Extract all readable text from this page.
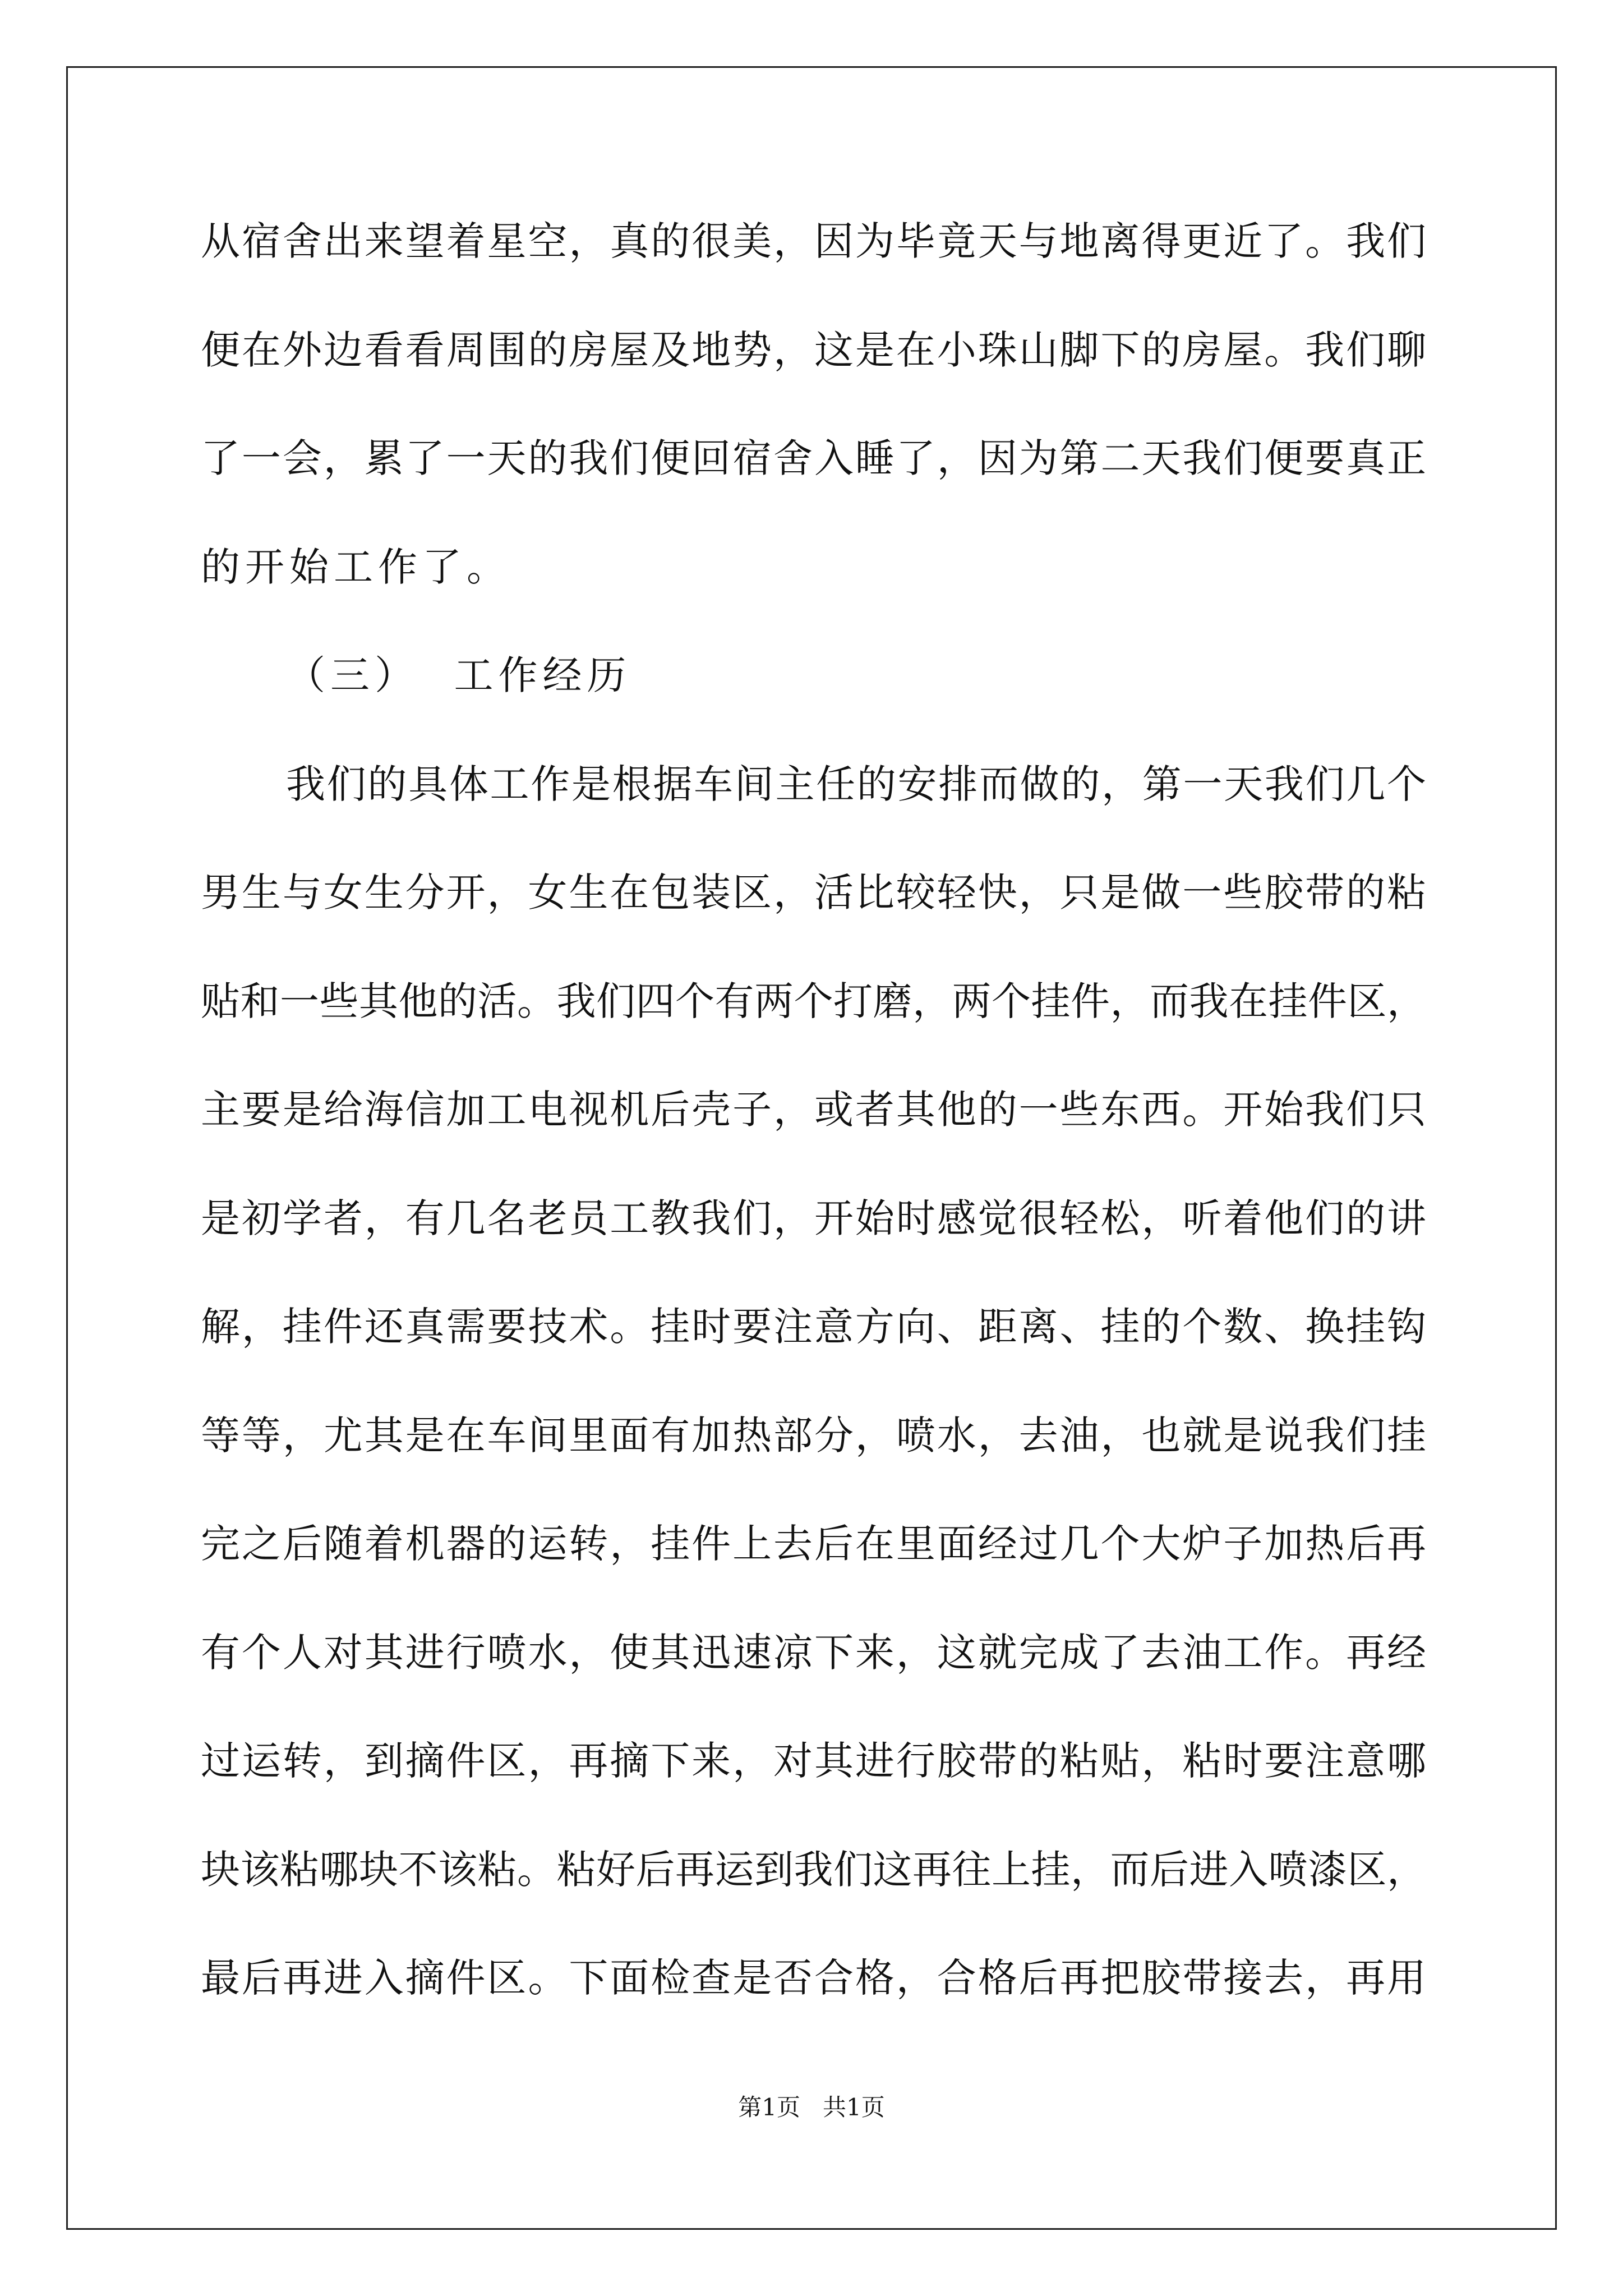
从宿舍出来望着星空，真的很美，因为毕竟天与地离得更近了。我们
便在外边看看周围的房屋及地势，这是在小珠山脚下的房屋。我们聊
了一会，累了一天的我们便回宿舍入睡了，因为第二天我们便要真正
的开始工作了。
（三）  工作经历
我们的具体工作是根据车间主任的安排而做的，第一天我们几个
男生与女生分开，女生在包装区，活比较轻快，只是做一些胶带的粘
贴和一些其他的活。我们四个有两个打磨，两个挂件，而我在挂件区，
主要是给海信加工电视机后壳子，或者其他的一些东西。开始我们只
是初学者，有几名老员工教我们，开始时感觉很轻松，听着他们的讲
解，挂件还真需要技术。挂时要注意方向、距离、挂的个数、换挂钩
等等，尤其是在车间里面有加热部分，喷水，去油，也就是说我们挂
完之后随着机器的运转，挂件上去后在里面经过几个大炉子加热后再
有个人对其进行喷水，使其迅速凉下来，这就完成了去油工作。再经
过运转，到摘件区，再摘下来，对其进行胶带的粘贴，粘时要注意哪
块该粘哪块不该粘。粘好后再运到我们这再往上挂，而后进入喷漆区，
最后再进入摘件区。下面检查是否合格，合格后再把胶带接去，再用
第1页   共1页
